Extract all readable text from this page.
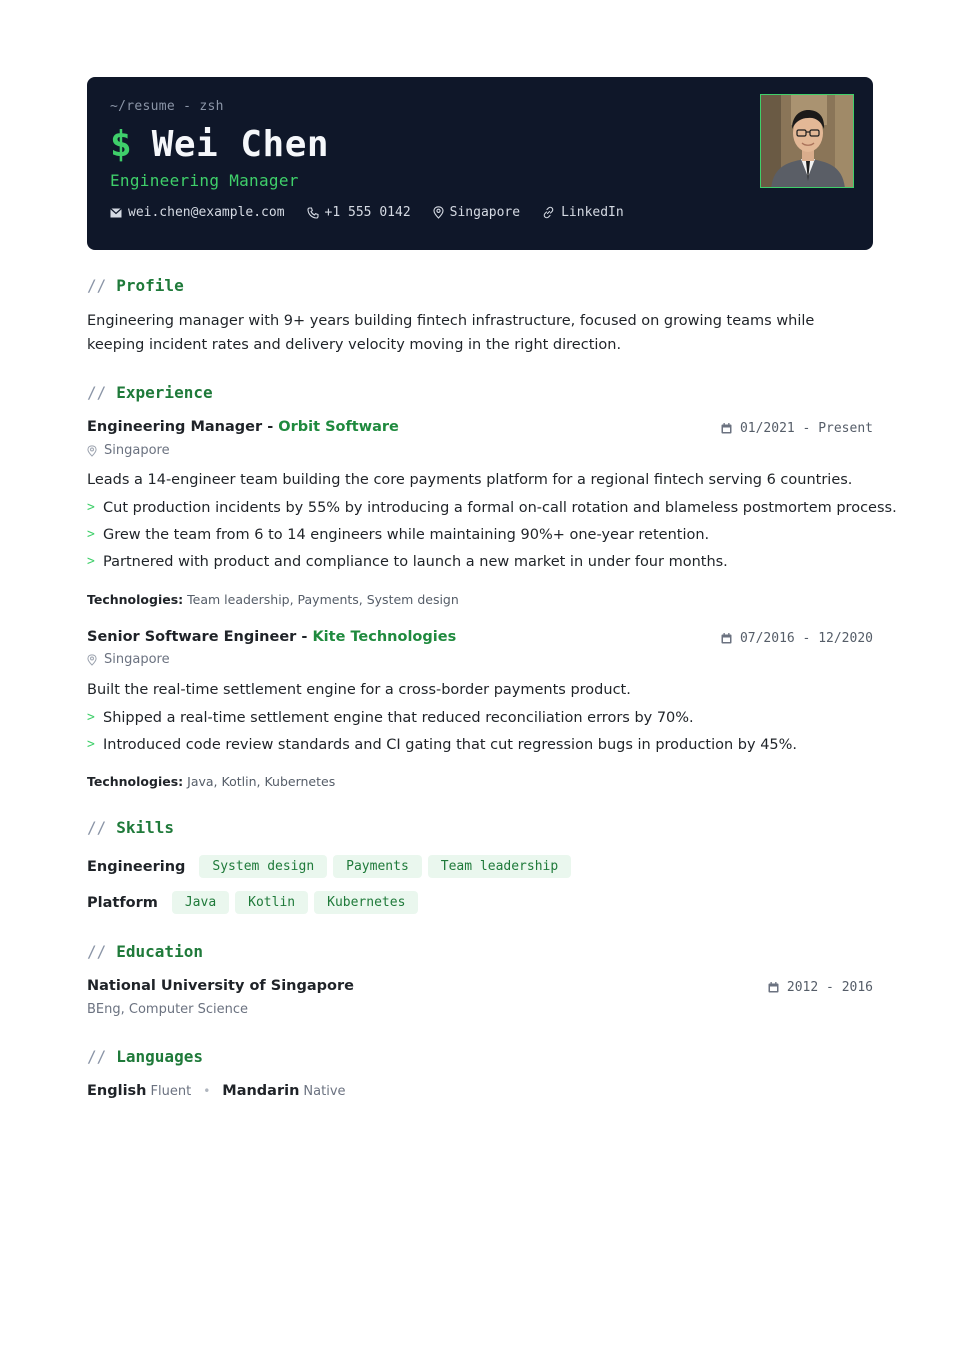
~/resume - zsh
$ Wei Chen
Engineering Manager
wei.chen@example.com	+1 555 0142	Singapore	LinkedIn
// Profile
Engineering manager with 9+ years building fintech infrastructure, focused on growing teams while keeping incident rates and delivery velocity moving in the right direction.
// Experience
Engineering Manager - Orbit Software	01/2021 - Present
Singapore
Leads a 14-engineer team building the core payments platform for a regional fintech serving 6 countries.
> Cut production incidents by 55% by introducing a formal on-call rotation and blameless postmortem process.
> Grew the team from 6 to 14 engineers while maintaining 90%+ one-year retention.
> Partnered with product and compliance to launch a new market in under four months.
Technologies: Team leadership, Payments, System design
Senior Software Engineer - Kite Technologies	07/2016 - 12/2020
Singapore
Built the real-time settlement engine for a cross-border payments product.
> Shipped a real-time settlement engine that reduced reconciliation errors by 70%.
> Introduced code review standards and CI gating that cut regression bugs in production by 45%.
Technologies: Java, Kotlin, Kubernetes
// Skills
Engineering	System design	Payments	Team leadership
Platform	Java	Kotlin	Kubernetes
// Education
National University of Singapore	2012 - 2016
BEng, Computer Science
// Languages
English Fluent • Mandarin Native
